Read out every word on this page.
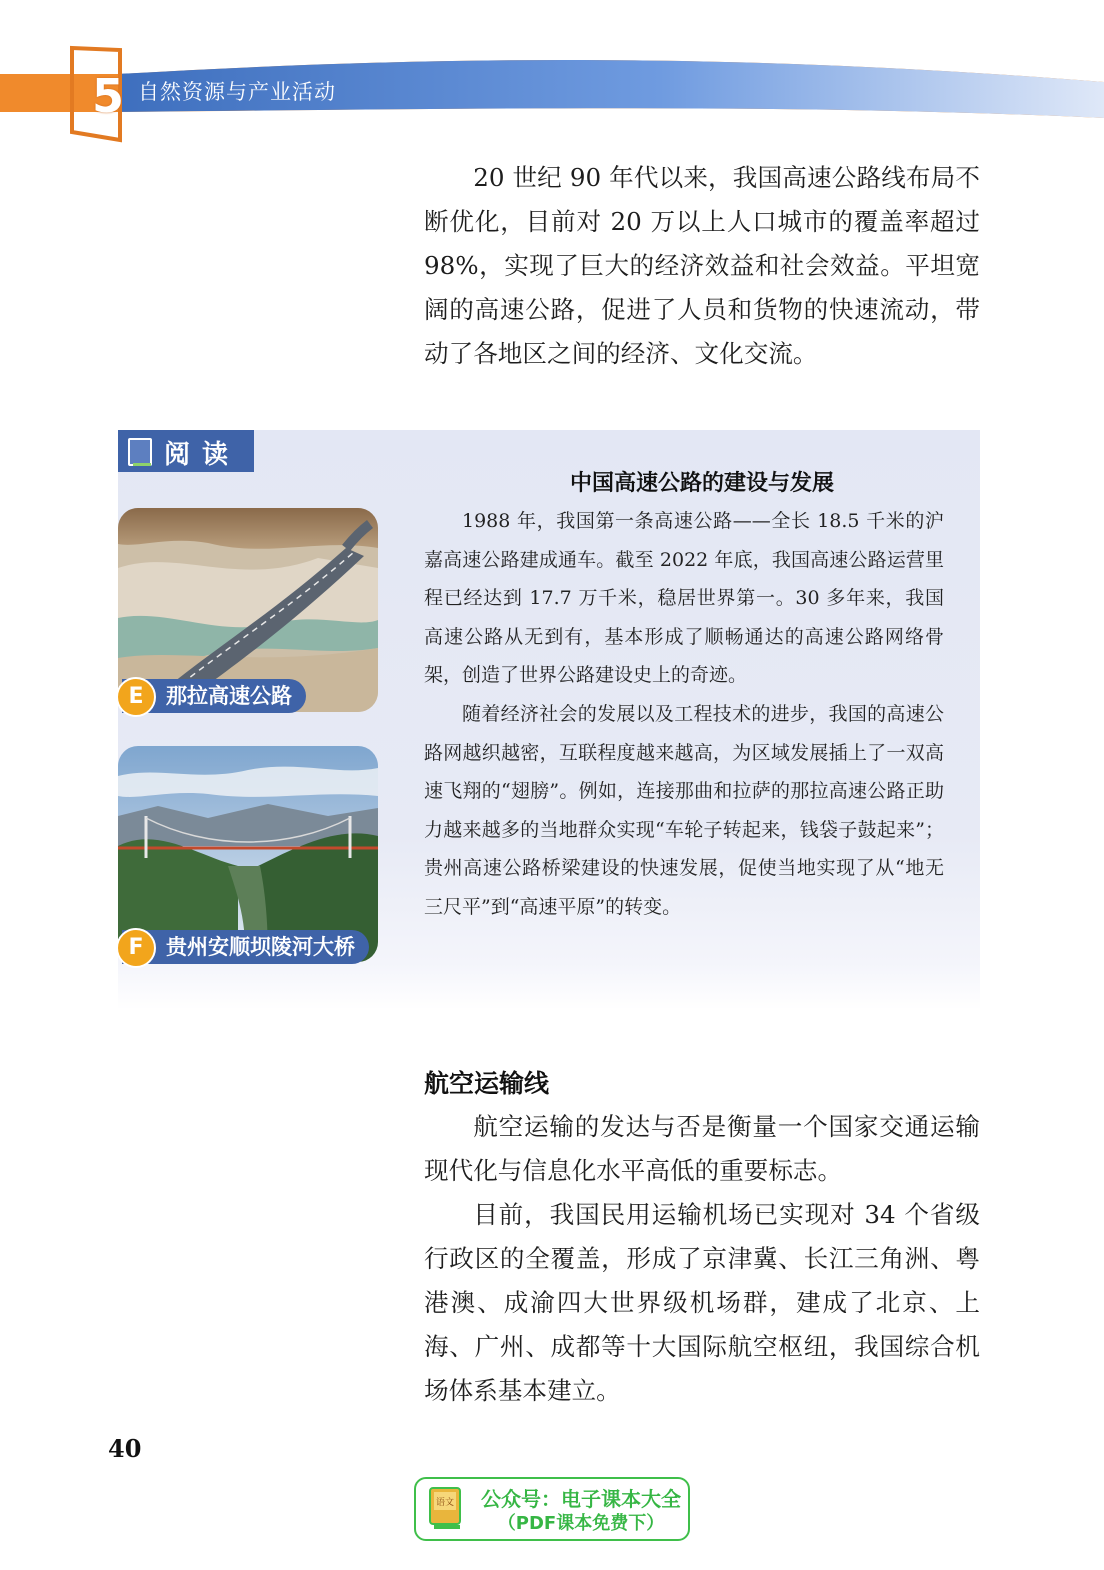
5 自然资源与产业活动

20 世纪 90 年代以来，我国高速公路线布局不断优化，目前对 20 万以上人口城市的覆盖率超过 98%，实现了巨大的经济效益和社会效益。平坦宽阔的高速公路，促进了人员和货物的快速流动，带动了各地区之间的经济、文化交流。

阅读
中国高速公路的建设与发展

1988 年，我国第一条高速公路——全长 18.5 千米的沪嘉高速公路建成通车。截至 2022 年底，我国高速公路运营里程已经达到 17.7 万千米，稳居世界第一。30 多年来，我国高速公路从无到有，基本形成了顺畅通达的高速公路网络骨架，创造了世界公路建设史上的奇迹。

随着经济社会的发展以及工程技术的进步，我国的高速公路网越织越密，互联程度越来越高，为区域发展插上了一双高速飞翔的“翅膀”。例如，连接那曲和拉萨的那拉高速公路正助力越来越多的当地群众实现“车轮子转起来，钱袋子鼓起来”；贵州高速公路桥梁建设的快速发展，促使当地实现了从“地无三尺平”到“高速平原”的转变。

那拉高速公路
E
贵州安顺坝陵河大桥
F
航空运输线

航空运输的发达与否是衡量一个国家交通运输现代化与信息化水平高低的重要标志。

目前，我国民用运输机场已实现对 34 个省级行政区的全覆盖，形成了京津冀、长江三角洲、粤港澳、成渝四大世界级机场群，建成了北京、上海、广州、成都等十大国际航空枢纽，我国综合机场体系基本建立。

40
语文 公众号：电子课本大全
（PDF课本免费下）
